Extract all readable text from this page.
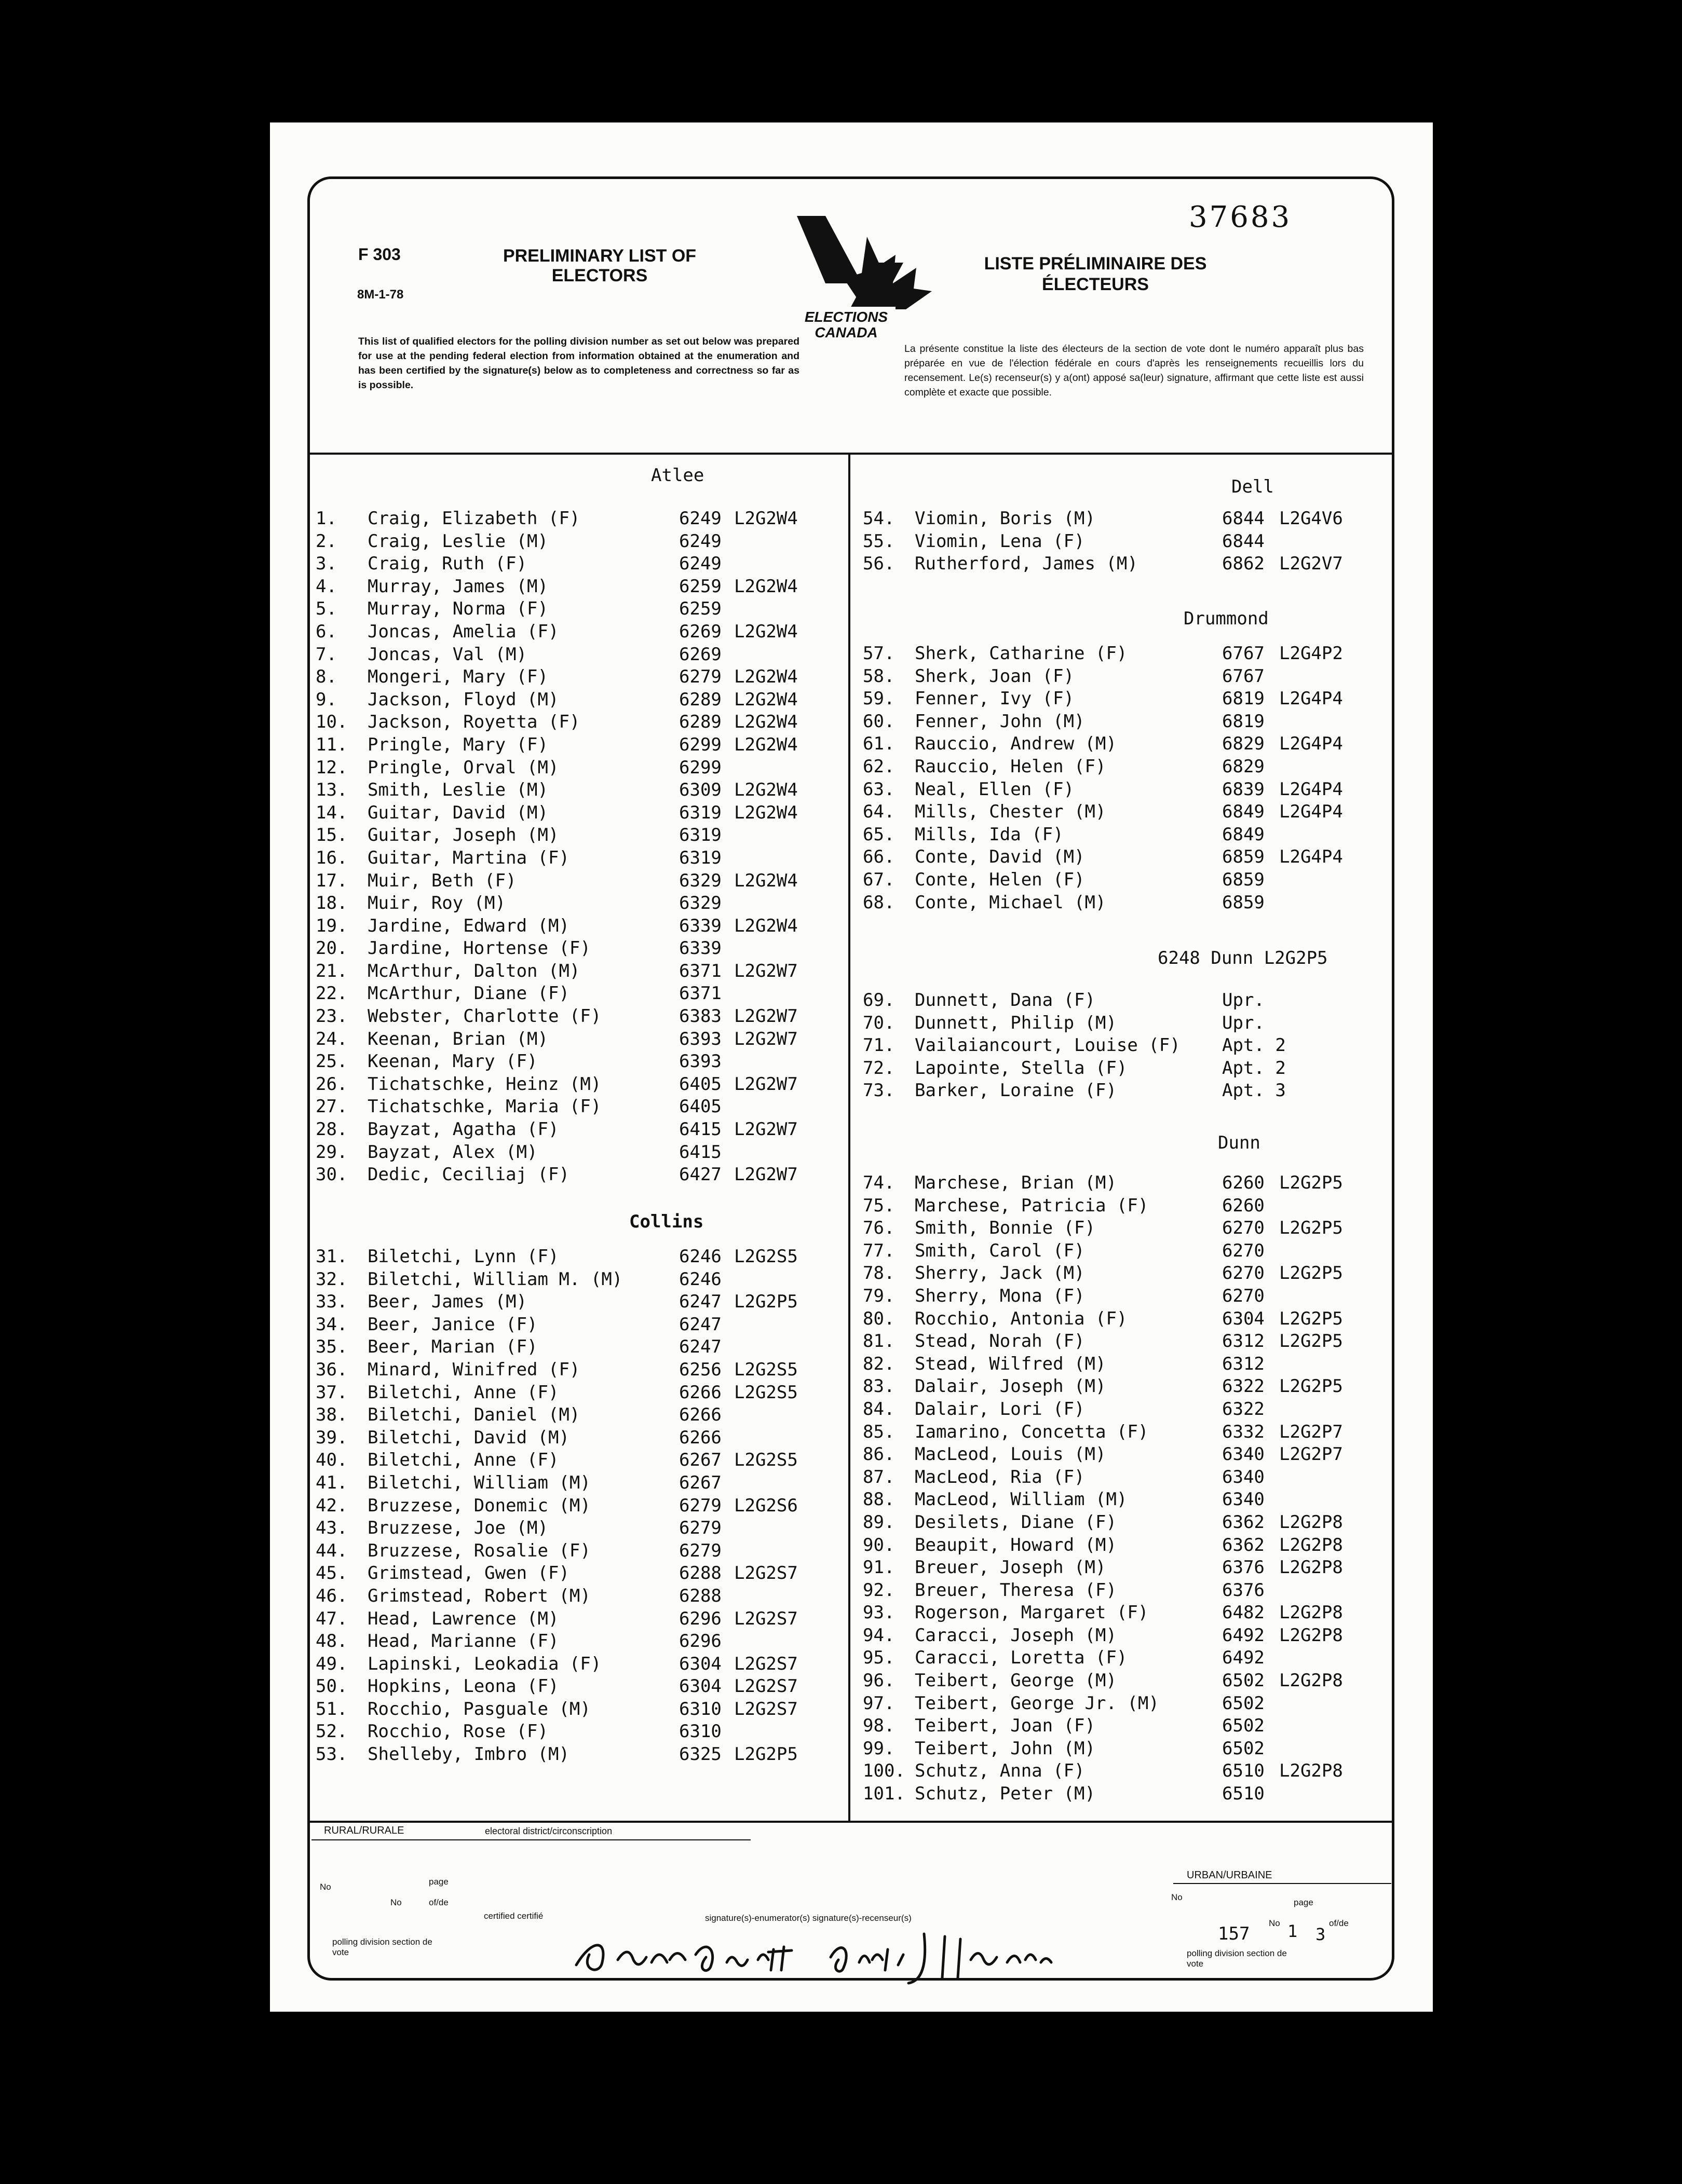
37683
F 303
8M-1-78
PRELIMINARY LIST OF ELECTORS
ELECTIONS CANADA
LISTE PRÉLIMINAIRE DES ÉLECTEURS
This list of qualified electors for the polling division number as set out below was prepared for use at the pending federal election from information obtained at the enumeration and has been certified by the signature(s) below as to completeness and correctness so far as is possible.
La présente constitue la liste des électeurs de la section de vote dont le numéro apparaît plus bas préparée en vue de l'élection fédérale en cours d'après les renseignements recueillis lors du recensement. Le(s) recenseur(s) y a(ont) apposé sa(leur) signature, affirmant que cette liste est aussi complète et exacte que possible.
Atlee
1. Craig, Elizabeth (F)	6249 L2G2W4
2. Craig, Leslie (M)	6249
3. Craig, Ruth (F)	6249
4. Murray, James (M)	6259 L2G2W4
5. Murray, Norma (F)	6259
6. Joncas, Amelia (F)	6269 L2G2W4
7. Joncas, Val (M)	6269
8. Mongeri, Mary (F)	6279 L2G2W4
9. Jackson, Floyd (M)	6289 L2G2W4
10. Jackson, Royetta (F)	6289 L2G2W4
11. Pringle, Mary (F)	6299 L2G2W4
12. Pringle, Orval (M)	6299
13. Smith, Leslie (M)	6309 L2G2W4
14. Guitar, David (M)	6319 L2G2W4
15. Guitar, Joseph (M)	6319
16. Guitar, Martina (F)	6319
17. Muir, Beth (F)	6329 L2G2W4
18. Muir, Roy (M)	6329
19. Jardine, Edward (M)	6339 L2G2W4
20. Jardine, Hortense (F)	6339
21. McArthur, Dalton (M)	6371 L2G2W7
22. McArthur, Diane (F)	6371
23. Webster, Charlotte (F)	6383 L2G2W7
24. Keenan, Brian (M)	6393 L2G2W7
25. Keenan, Mary (F)	6393
26. Tichatschke, Heinz (M)	6405 L2G2W7
27. Tichatschke, Maria (F)	6405
28. Bayzat, Agatha (F)	6415 L2G2W7
29. Bayzat, Alex (M)	6415
30. Dedic, Ceciliaj (F)	6427 L2G2W7
Collins
31. Biletchi, Lynn (F)	6246 L2G2S5
32. Biletchi, William M. (M)	6246
33. Beer, James (M)	6247 L2G2P5
34. Beer, Janice (F)	6247
35. Beer, Marian (F)	6247
36. Minard, Winifred (F)	6256 L2G2S5
37. Biletchi, Anne (F)	6266 L2G2S5
38. Biletchi, Daniel (M)	6266
39. Biletchi, David (M)	6266
40. Biletchi, Anne (F)	6267 L2G2S5
41. Biletchi, William (M)	6267
42. Bruzzese, Donemic (M)	6279 L2G2S6
43. Bruzzese, Joe (M)	6279
44. Bruzzese, Rosalie (F)	6279
45. Grimstead, Gwen (F)	6288 L2G2S7
46. Grimstead, Robert (M)	6288
47. Head, Lawrence (M)	6296 L2G2S7
48. Head, Marianne (F)	6296
49. Lapinski, Leokadia (F)	6304 L2G2S7
50. Hopkins, Leona (F)	6304 L2G2S7
51. Rocchio, Pasguale (M)	6310 L2G2S7
52. Rocchio, Rose (F)	6310
53. Shelleby, Imbro (M)	6325 L2G2P5
Dell
54. Viomin, Boris (M)	6844 L2G4V6
55. Viomin, Lena (F)	6844
56. Rutherford, James (M)	6862 L2G2V7
Drummond
57. Sherk, Catharine (F)	6767 L2G4P2
58. Sherk, Joan (F)	6767
59. Fenner, Ivy (F)	6819 L2G4P4
60. Fenner, John (M)	6819
61. Rauccio, Andrew (M)	6829 L2G4P4
62. Rauccio, Helen (F)	6829
63. Neal, Ellen (F)	6839 L2G4P4
64. Mills, Chester (M)	6849 L2G4P4
65. Mills, Ida (F)	6849
66. Conte, David (M)	6859 L2G4P4
67. Conte, Helen (F)	6859
68. Conte, Michael (M)	6859
6248 Dunn L2G2P5
69. Dunnett, Dana (F)	Upr.
70. Dunnett, Philip (M)	Upr.
71. Vailaiancourt, Louise (F) Apt. 2
72. Lapointe, Stella (F)	Apt. 2
73. Barker, Loraine (F)	Apt. 3
Dunn
74. Marchese, Brian (M)	6260 L2G2P5
75. Marchese, Patricia (F)	6260
76. Smith, Bonnie (F)	6270 L2G2P5
77. Smith, Carol (F)	6270
78. Sherry, Jack (M)	6270 L2G2P5
79. Sherry, Mona (F)	6270
80. Rocchio, Antonia (F)	6304 L2G2P5
81. Stead, Norah (F)	6312 L2G2P5
82. Stead, Wilfred (M)	6312
83. Dalair, Joseph (M)	6322 L2G2P5
84. Dalair, Lori (F)	6322
85. Iamarino, Concetta (F)	6332 L2G2P7
86. MacLeod, Louis (M)	6340 L2G2P7
87. MacLeod, Ria (F)	6340
88. MacLeod, William (M)	6340
89. Desilets, Diane (F)	6362 L2G2P8
90. Beaupit, Howard (M)	6362 L2G2P8
91. Breuer, Joseph (M)	6376 L2G2P8
92. Breuer, Theresa (F)	6376
93. Rogerson, Margaret (F)	6482 L2G2P8
94. Caracci, Joseph (M)	6492 L2G2P8
95. Caracci, Loretta (F)	6492
96. Teibert, George (M)	6502 L2G2P8
97. Teibert, George Jr. (M)	6502
98. Teibert, Joan (F)	6502
99. Teibert, John (M)	6502
100. Schutz, Anna (F)	6510 L2G2P8
101. Schutz, Peter (M)	6510
RURAL/RURALE	electoral district/circonscription
No
page
No	of/de
certified certifié	signature(s)-enumerator(s) signature(s)-recenseur(s)
polling division section de vote
URBAN/URBAINE
No
page
No	of/de
157 1 3
polling division section de vote
